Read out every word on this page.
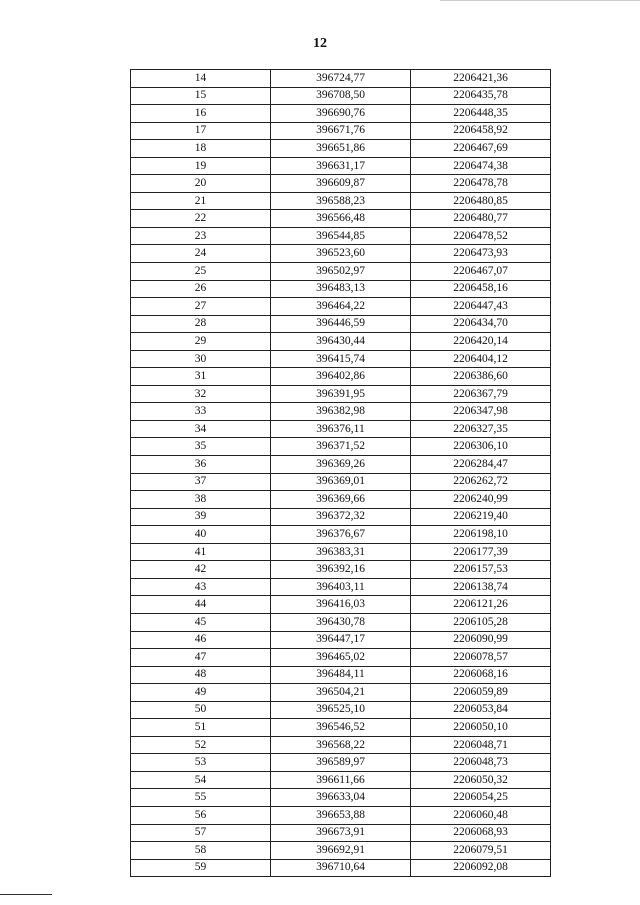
12
14	396724,77	2206421,36
15	396708,50	2206435,78
16	396690,76	2206448,35
17	396671,76	2206458,92
18	396651,86	2206467,69
19	396631,17	2206474,38
20	396609,87	2206478,78
21	396588,23	2206480,85
22	396566,48	2206480,77
23	396544,85	2206478,52
24	396523,60	2206473,93
25	396502,97	2206467,07
26	396483,13	2206458,16
27	396464,22	2206447,43
28	396446,59	2206434,70
29	396430,44	2206420,14
30	396415,74	2206404,12
31	396402,86	2206386,60
32	396391,95	2206367,79
33	396382,98	2206347,98
34	396376,11	2206327,35
35	396371,52	2206306,10
36	396369,26	2206284,47
37	396369,01	2206262,72
38	396369,66	2206240,99
39	396372,32	2206219,40
40	396376,67	2206198,10
41	396383,31	2206177,39
42	396392,16	2206157,53
43	396403,11	2206138,74
44	396416,03	2206121,26
45	396430,78	2206105,28
46	396447,17	2206090,99
47	396465,02	2206078,57
48	396484,11	2206068,16
49	396504,21	2206059,89
50	396525,10	2206053,84
51	396546,52	2206050,10
52	396568,22	2206048,71
53	396589,97	2206048,73
54	396611,66	2206050,32
55	396633,04	2206054,25
56	396653,88	2206060,48
57	396673,91	2206068,93
58	396692,91	2206079,51
59	396710,64	2206092,08
